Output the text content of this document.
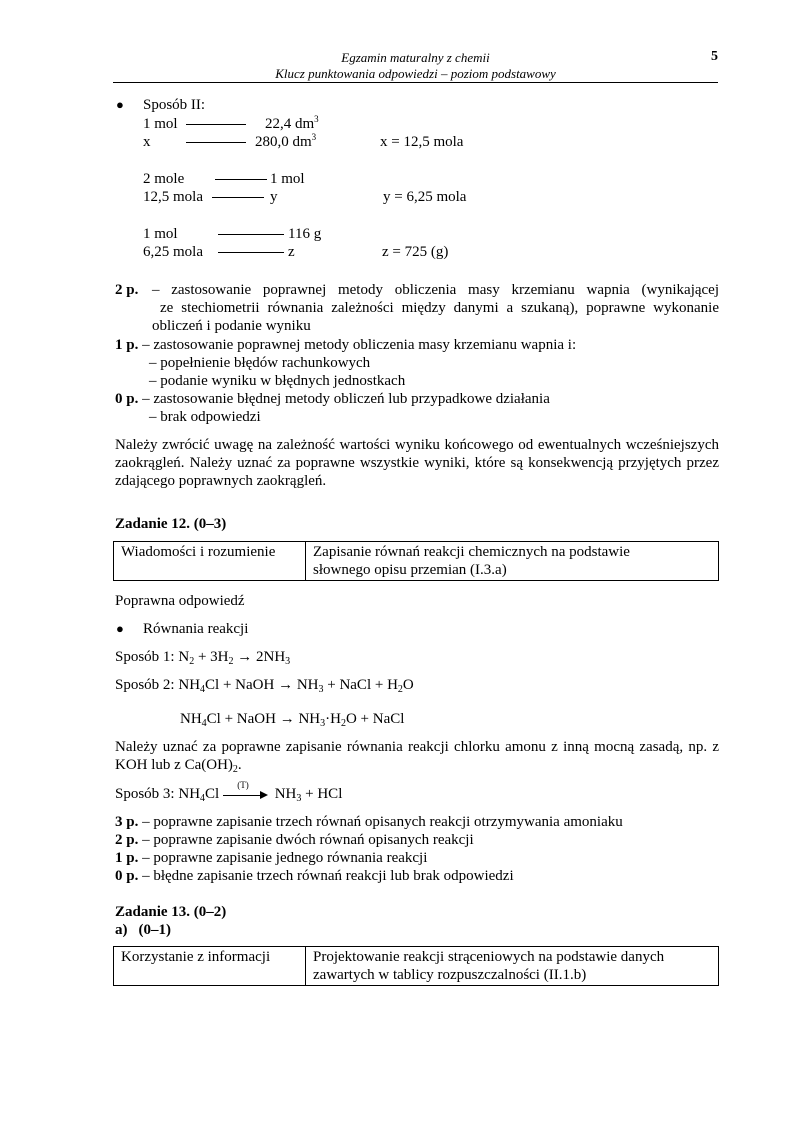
Egzamin maturalny z chemii
Klucz punktowania odpowiedzi – poziom podstawowy
5
● Sposób II:
1 mol	22,4 $dm^3$
x	280,0 $dm^3$	x = 12,5 mola
2 mole	1 mol
12,5 mola	y	y = 6,25 mola
1 mol	116 g
6,25 mola	z	z = 725 (g)
2 p. – zastosowanie poprawnej metody obliczenia masy krzemianu wapnia (wynikającej
ze stechiometrii równania zależności między danymi a szukaną), poprawne wykonanie
obliczeń i podanie wyniku
1 p. – zastosowanie poprawnej metody obliczenia masy krzemianu wapnia i:
– popełnienie błędów rachunkowych
– podanie wyniku w błędnych jednostkach
0 p. – zastosowanie błędnej metody obliczeń lub przypadkowe działania
– brak odpowiedzi
Należy zwrócić uwagę na zależność wartości wyniku końcowego od ewentualnych wcześniejszych zaokrągleń. Należy uznać za poprawne wszystkie wyniki, które są konsekwencją przyjętych przez zdającego poprawnych zaokrągleń.
Zadanie 12. (0–3)
Wiadomości i rozumienie	Zapisanie równań reakcji chemicznych na podstawie
słownego opisu przemian (I.3.a)
Poprawna odpowiedź
● Równania reakcji
Sposób 1: $N_2 + 3H_2 \to 2NH_3$
Sposób 2: $NH_4Cl$ + NaOH → $NH_3$ + NaCl + $H_2O$
$NH_4Cl$ + NaOH → $NH_3\cdot H_2O$ + NaCl
Należy uznać za poprawne zapisanie równania reakcji chlorku amonu z inną mocną zasadą, np. z KOH lub z $Ca(OH)_2$.
Sposób 3: $NH_4Cl$
(T)
$NH_3$ + HCl
3 p. – poprawne zapisanie trzech równań opisanych reakcji otrzymywania amoniaku
2 p. – poprawne zapisanie dwóch równań opisanych reakcji
1 p. – poprawne zapisanie jednego równania reakcji
0 p. – błędne zapisanie trzech równań reakcji lub brak odpowiedzi
Zadanie 13. (0–2)
a) (0–1)
Korzystanie z informacji	Projektowanie reakcji strąceniowych na podstawie danych
zawartych w tablicy rozpuszczalności (II.1.b)
